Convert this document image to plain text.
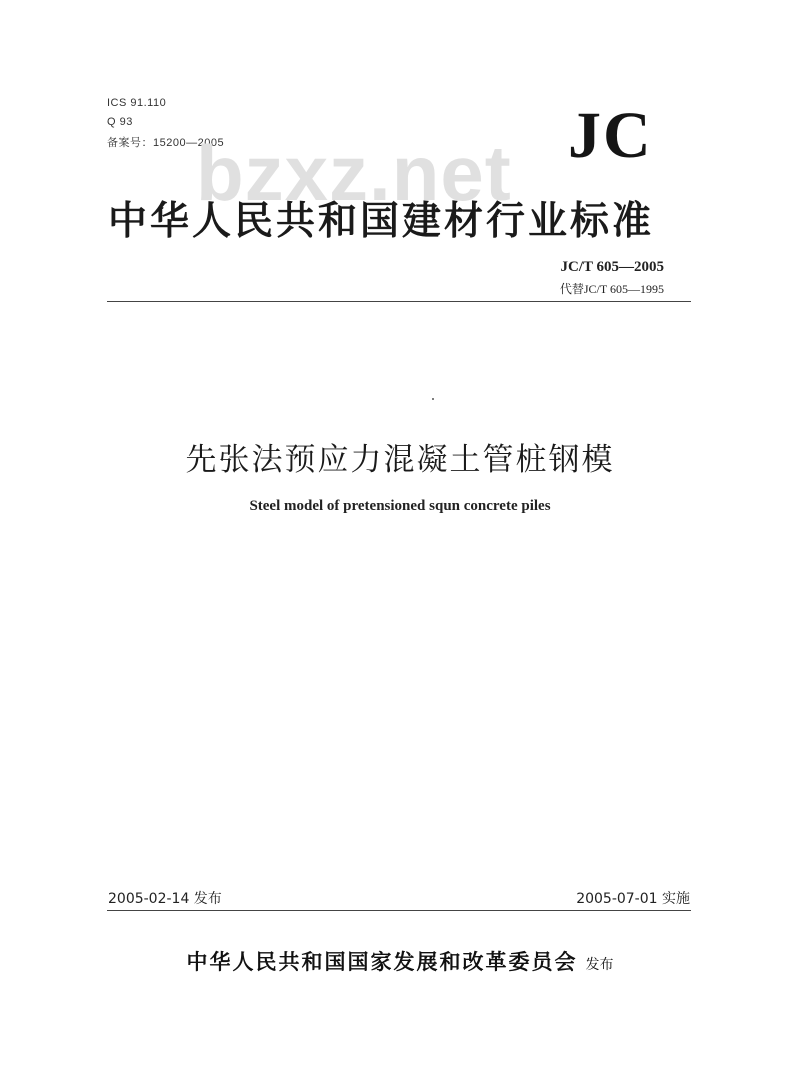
ICS 91.110
Q 93
备案号：15200—2005
bzxz.net JC
中华人民共和国建材行业标准
JC/T 605—2005
代替JC/T 605—1995
先张法预应力混凝土管桩钢模
Steel model of pretensioned squn concrete piles
2005-02-14 发布	2005-07-01 实施
中华人民共和国国家发展和改革委员会 发布
